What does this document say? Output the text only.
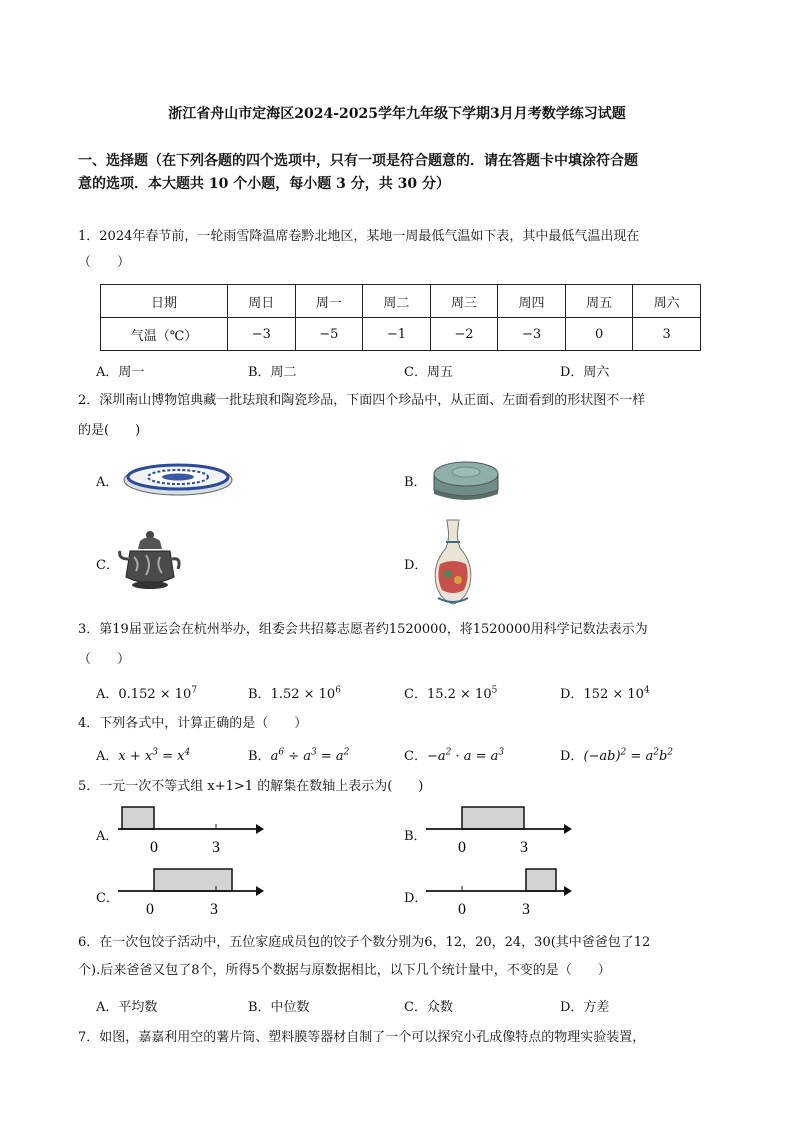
浙江省舟山市定海区2024-2025学年九年级下学期3月月考数学练习试题
一、选择题（在下列各题的四个选项中，只有一项是符合题意的．请在答题卡中填涂符合题
意的选项．本大题共 10 个小题，每小题 3 分，共 30 分）
1．2024年春节前，一轮雨雪降温席卷黔北地区，某地一周最低气温如下表，其中最低气温出现在
（　　）
日期	周日	周一	周二	周三	周四	周五	周六
气温（℃）	−3	−5	−1	−2	−3	0	3
A．周一	B．周二	C．周五	D．周六
2．深圳南山博物馆典藏一批珐琅和陶瓷珍品，下面四个珍品中，从正面、左面看到的形状图不一样
的是(　　)
A．	B．
C．	D．
3．第19届亚运会在杭州举办，组委会共招募志愿者约1520000，将1520000用科学记数法表示为
（　　）
A．$0.152 \times 10^7$	B．$1.52 \times 10^6$	C．$15.2 \times 10^5$	D．$152 \times 10^4$
4．下列各式中，计算正确的是（　　）
A．$x + x^3 = x^4$	B．$a^6 \div a^3 = a^2$	C．$-a^2 \cdot a = a^3$	D．$(-ab)^2 = a^2b^2$
5．一元一次不等式组 x+1>1 的解集在数轴上表示为(　　)
A．
0	3
B．
0	3
C．
0	3
D．
0	3
6．在一次包饺子活动中，五位家庭成员包的饺子个数分别为6，12，20，24，30(其中爸爸包了12
个).后来爸爸又包了8个，所得5个数据与原数据相比，以下几个统计量中，不变的是（　　）
A．平均数	B．中位数	C．众数	D．方差
7．如图，嘉嘉利用空的薯片筒、塑料膜等器材自制了一个可以探究小孔成像特点的物理实验装置，
